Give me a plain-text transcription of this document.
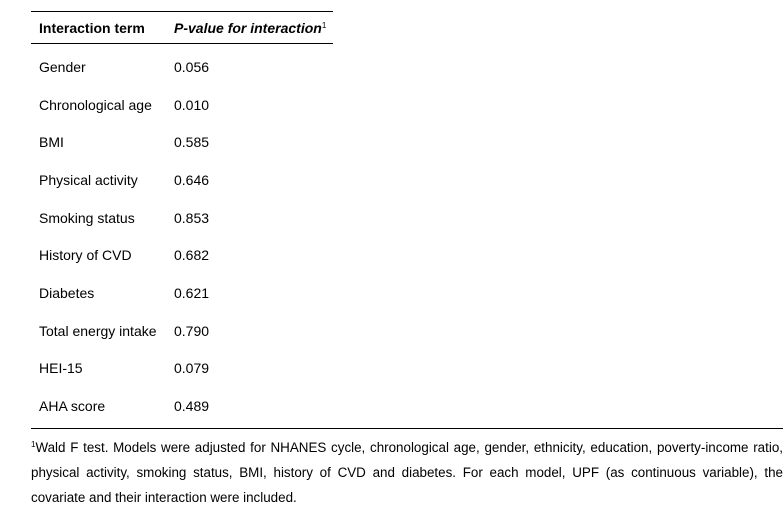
Interaction term	P-value for interaction$^1$
Gender	0.056
Chronological age	0.010
BMI	0.585
Physical activity	0.646
Smoking status	0.853
History of CVD	0.682
Diabetes	0.621
Total energy intake	0.790
HEI-15	0.079
AHA score	0.489
$^1$Wald F test. Models were adjusted for NHANES cycle, chronological age, gender, ethnicity, education, poverty-income ratio, physical activity, smoking status, BMI, history of CVD and diabetes. For each model, UPF (as continuous variable), the covariate and their interaction were included.
